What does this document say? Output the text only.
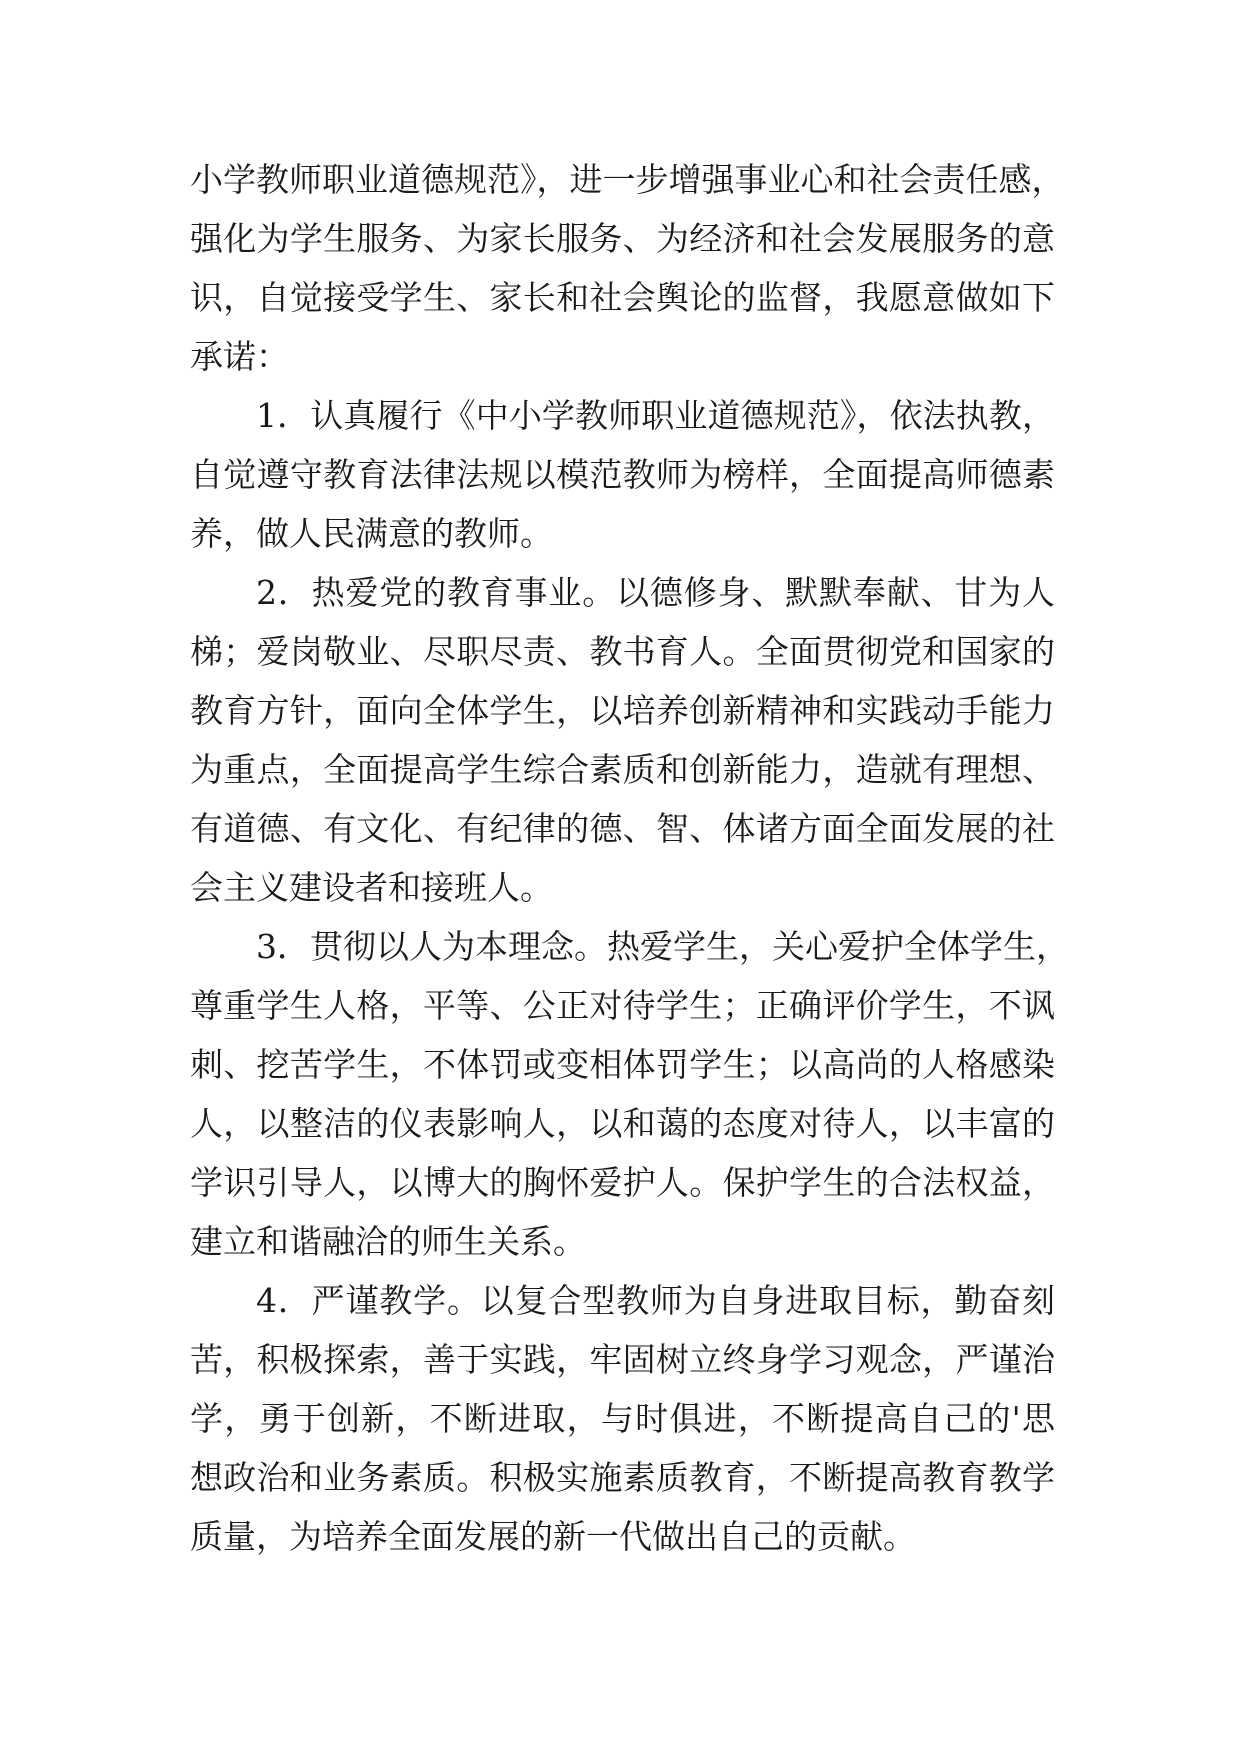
小学教师职业道德规范》，进一步增强事业心和社会责任感，
强化为学生服务、为家长服务、为经济和社会发展服务的意
识，自觉接受学生、家长和社会舆论的监督，我愿意做如下
承诺：
1．认真履行《中小学教师职业道德规范》，依法执教，
自觉遵守教育法律法规以模范教师为榜样，全面提高师德素
养，做人民满意的教师。
2．热爱党的教育事业。以德修身、默默奉献、甘为人
梯；爱岗敬业、尽职尽责、教书育人。全面贯彻党和国家的
教育方针，面向全体学生，以培养创新精神和实践动手能力
为重点，全面提高学生综合素质和创新能力，造就有理想、
有道德、有文化、有纪律的德、智、体诸方面全面发展的社
会主义建设者和接班人。
3．贯彻以人为本理念。热爱学生，关心爱护全体学生，
尊重学生人格，平等、公正对待学生；正确评价学生，不讽
刺、挖苦学生，不体罚或变相体罚学生；以高尚的人格感染
人，以整洁的仪表影响人，以和蔼的态度对待人，以丰富的
学识引导人，以博大的胸怀爱护人。保护学生的合法权益，
建立和谐融洽的师生关系。
4．严谨教学。以复合型教师为自身进取目标，勤奋刻
苦，积极探索，善于实践，牢固树立终身学习观念，严谨治
学，勇于创新，不断进取，与时俱进，不断提高自己的'思
想政治和业务素质。积极实施素质教育，不断提高教育教学
质量，为培养全面发展的新一代做出自己的贡献。
